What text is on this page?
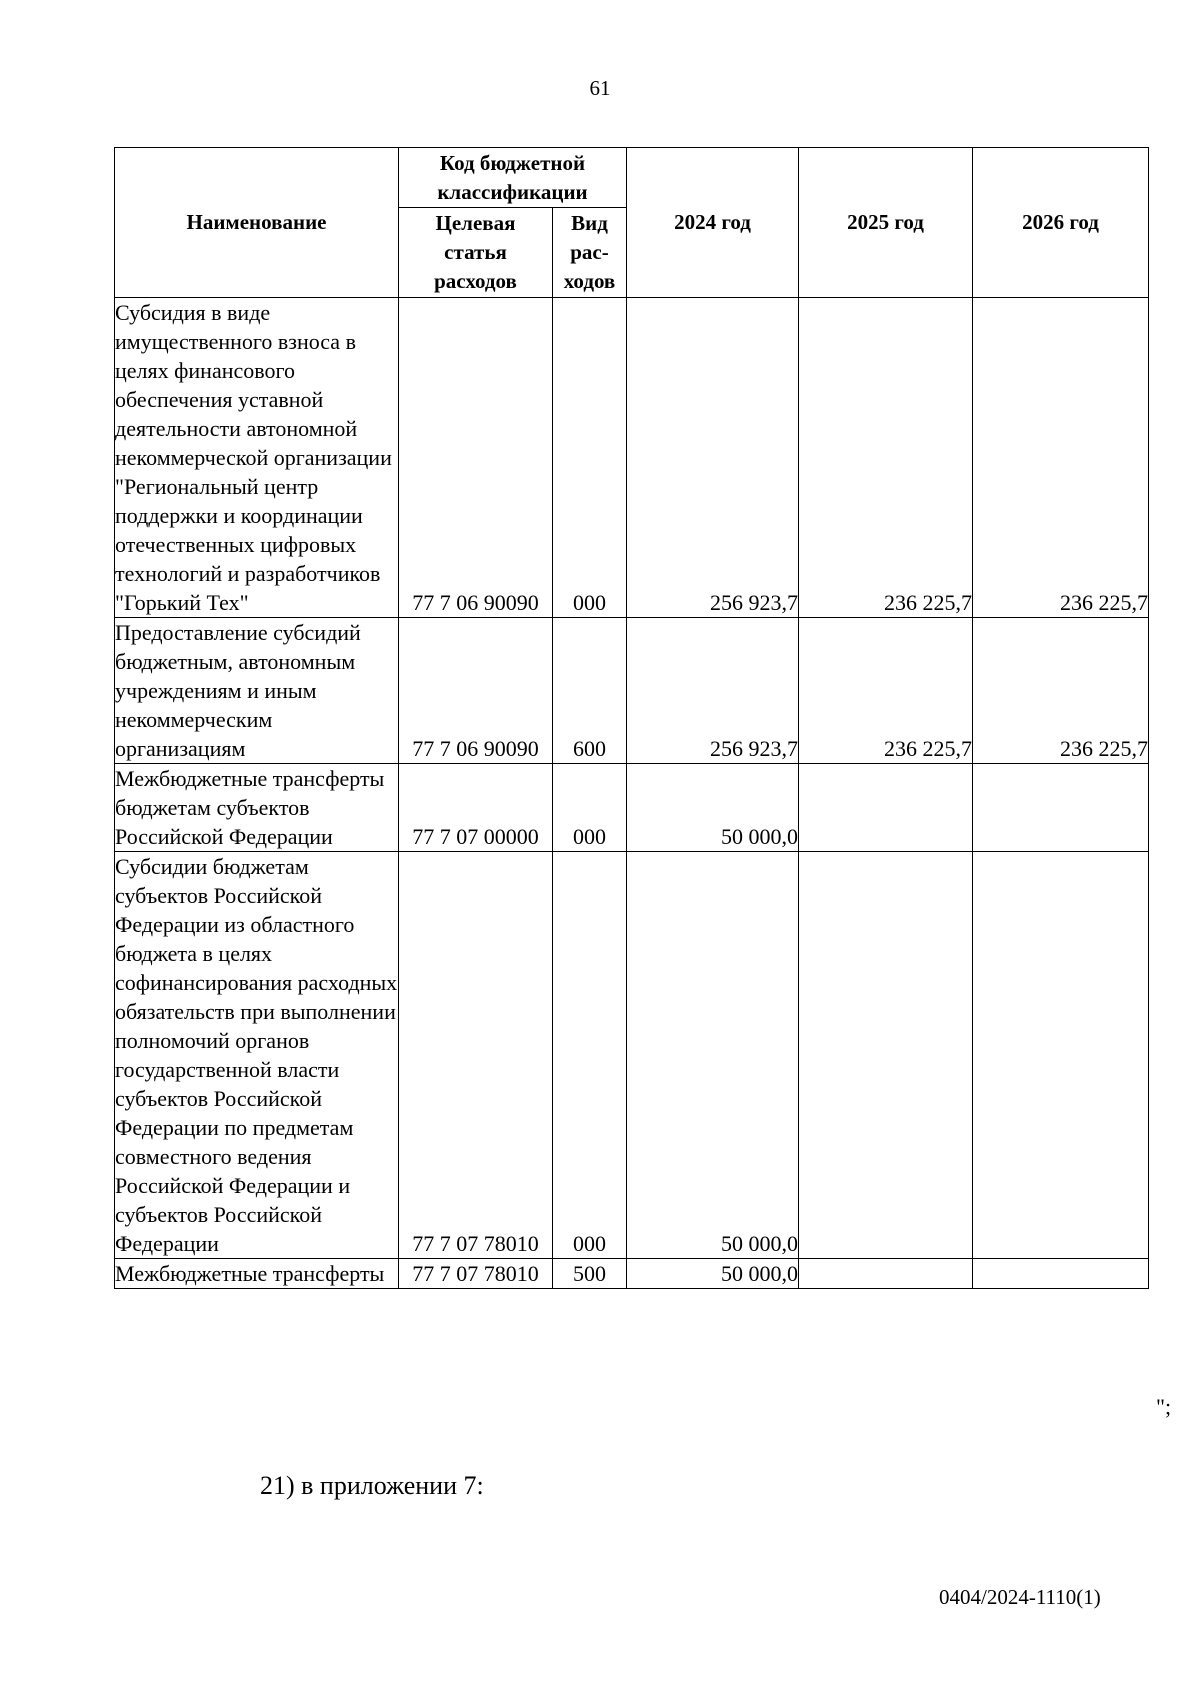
61
Наименование	Код бюджетной классификации		2024 год	2025 год	2026 год
	Целевая статья расходов	Вид рас-ходов			
Субсидия в виде имущественного взноса в целях финансового обеспечения уставной деятельности автономной некоммерческой организации "Региональный центр поддержки и координации отечественных цифровых технологий и разработчиков "Горький Тех"	77 7 06 90090	000	256 923,7	236 225,7	236 225,7
Предоставление субсидий бюджетным, автономным учреждениям и иным некоммерческим организациям	77 7 06 90090	600	256 923,7	236 225,7	236 225,7
Межбюджетные трансферты бюджетам субъектов Российской Федерации	77 7 07 00000	000	50 000,0		
Субсидии бюджетам субъектов Российской Федерации из областного бюджета в целях софинансирования расходных обязательств при выполнении полномочий органов государственной власти субъектов Российской Федерации по предметам совместного ведения Российской Федерации и субъектов Российской Федерации	77 7 07 78010	000	50 000,0		
Межбюджетные трансферты	77 7 07 78010	500	50 000,0		
";
21) в приложении 7:
0404/2024-1110(1)
